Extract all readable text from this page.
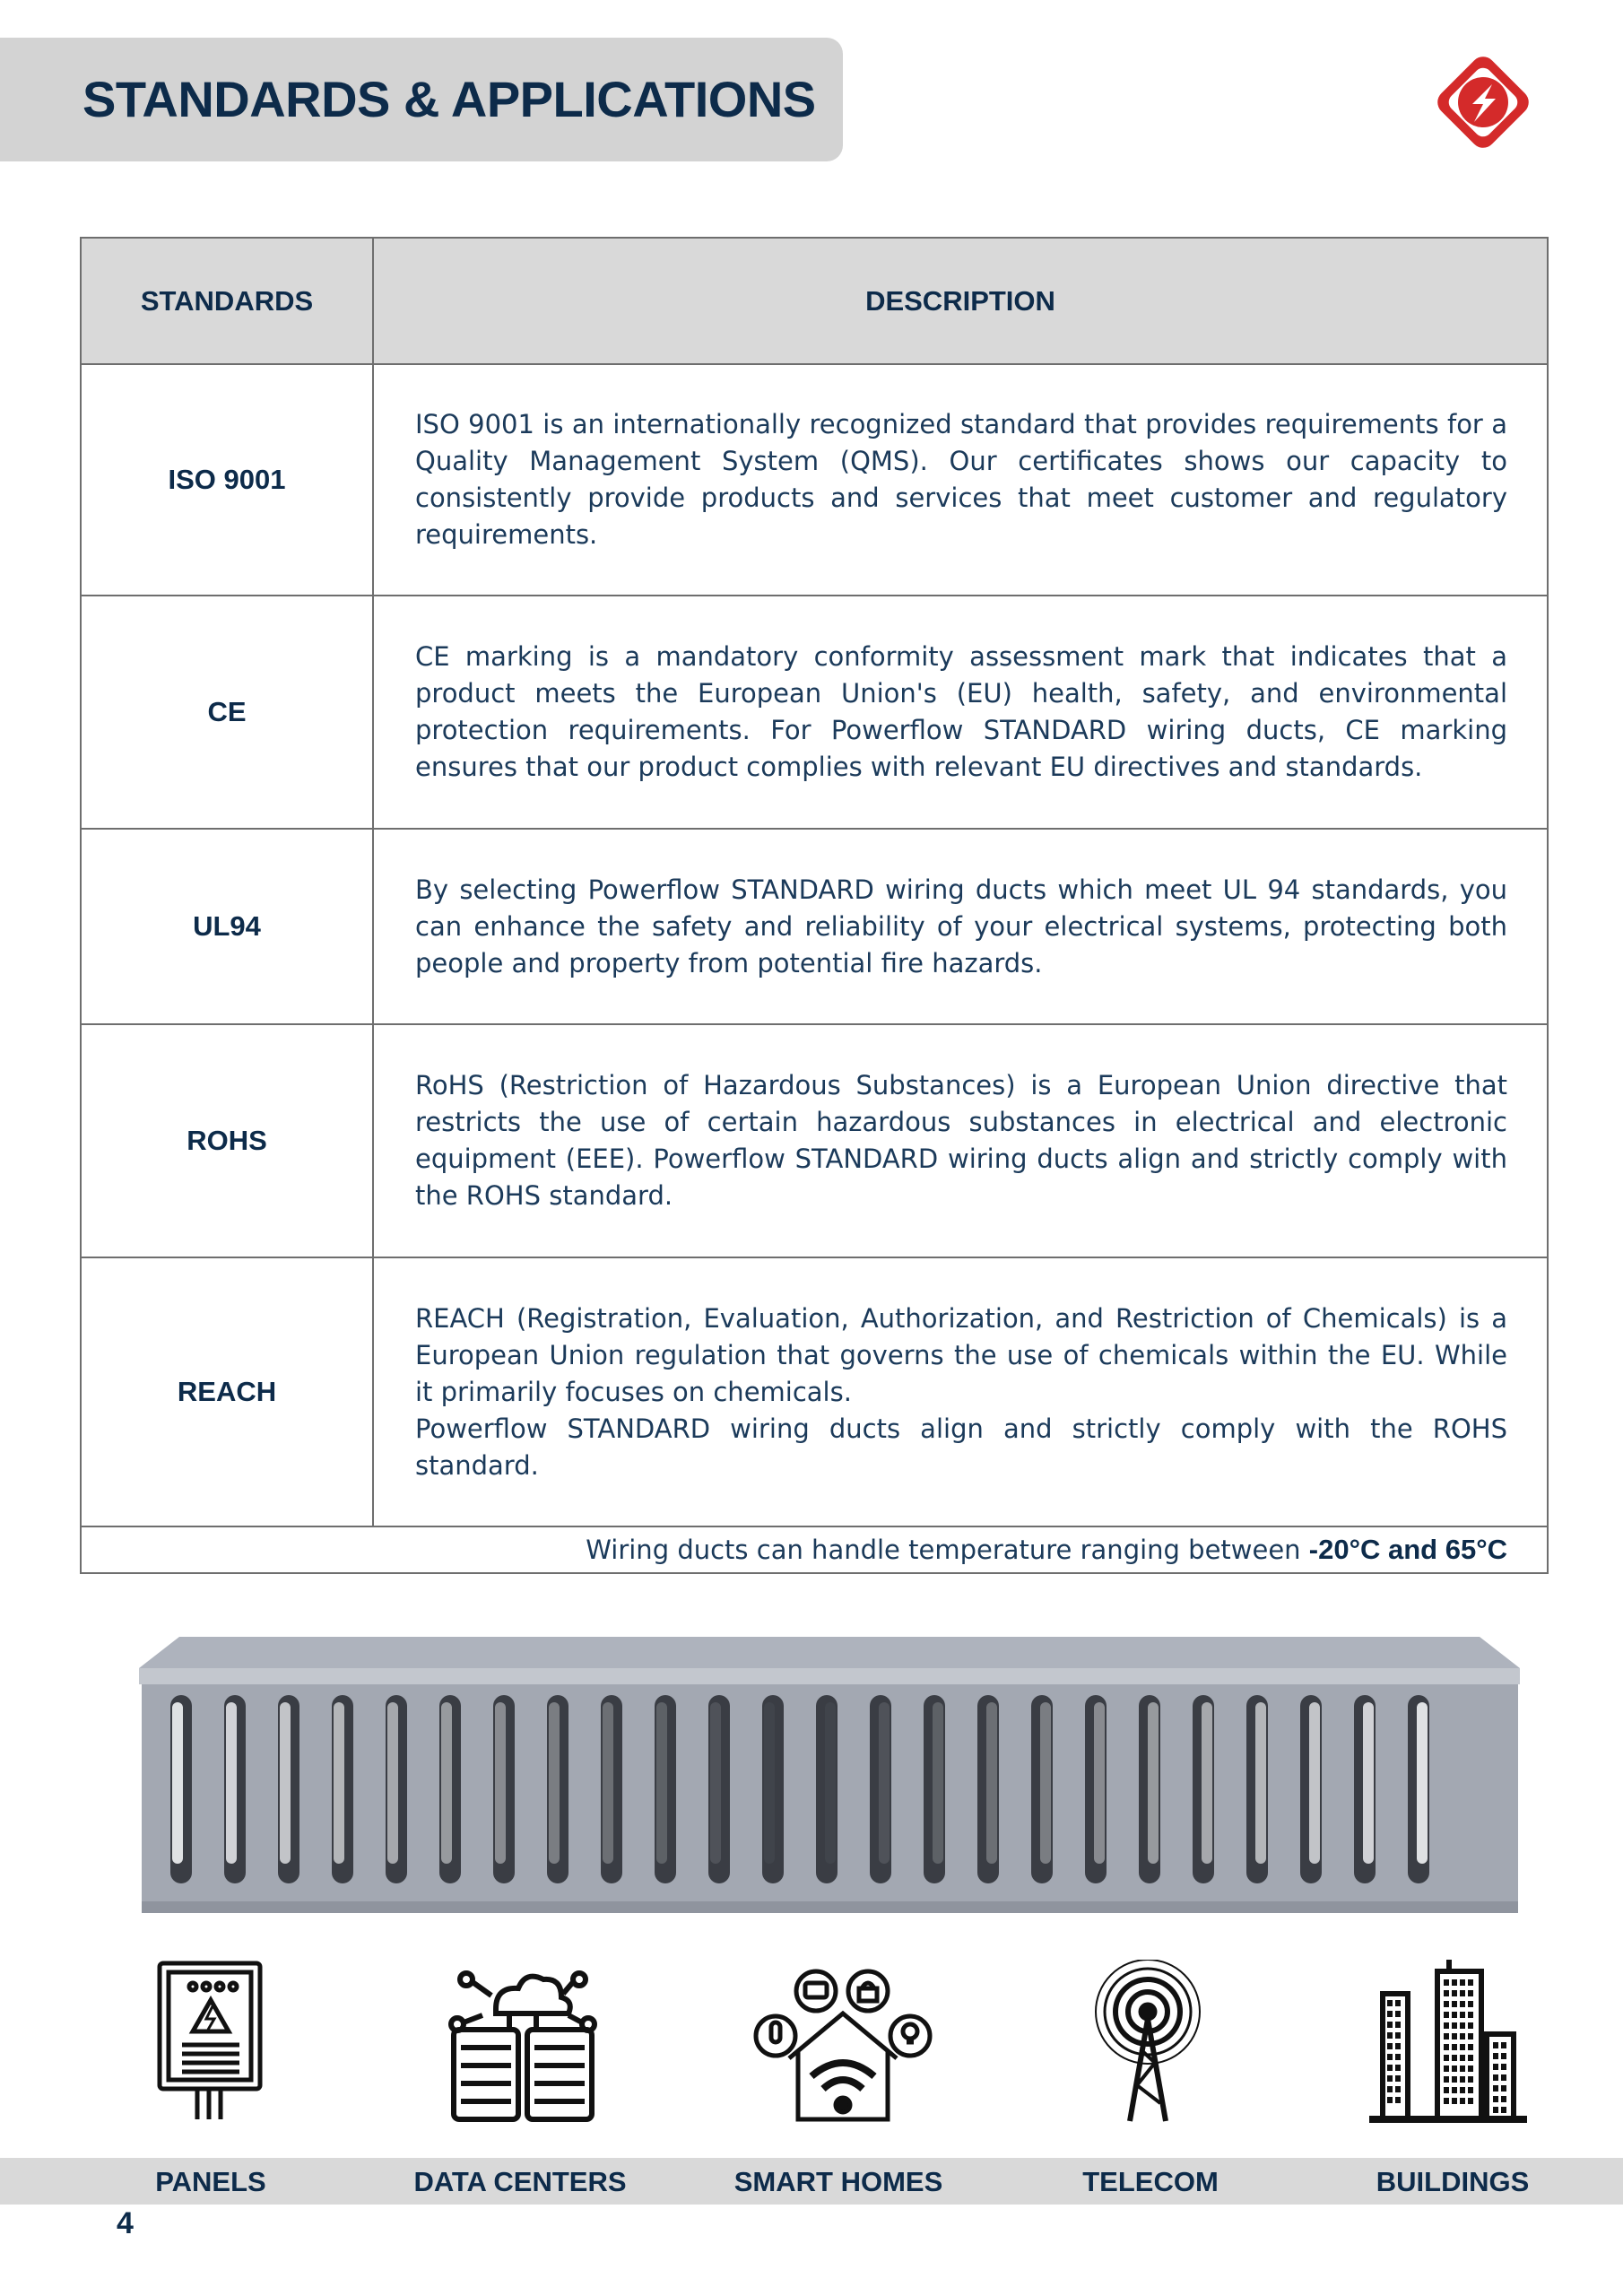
STANDARDS & APPLICATIONS
STANDARDS	DESCRIPTION
ISO 9001	ISO 9001 is an internationally recognized standard that provides requirements for a Quality Management System (QMS). Our certificates shows our capacity to consistently provide products and services that meet customer and regulatory requirements.
CE	CE marking is a mandatory conformity assessment mark that indicates that a product meets the European Union's (EU) health, safety, and environmental protection requirements. For Powerflow STANDARD wiring ducts, CE marking ensures that our product complies with relevant EU directives and standards.
UL94	By selecting Powerflow STANDARD wiring ducts which meet UL 94 standards, you can enhance the safety and reliability of your electrical systems, protecting both people and property from potential fire hazards.
ROHS	RoHS (Restriction of Hazardous Substances) is a European Union directive that restricts the use of certain hazardous substances in electrical and electronic equipment (EEE). Powerflow STANDARD wiring ducts align and strictly comply with the ROHS standard.
REACH	REACH (Registration, Evaluation, Authorization, and Restriction of Chemicals) is a European Union regulation that governs the use of chemicals within the EU. While it primarily focuses on chemicals.
Powerflow STANDARD wiring ducts align and strictly comply with the ROHS standard.
Wiring ducts can handle temperature ranging between -20°C and 65°C	
PANELS	DATA CENTERS	SMART HOMES	TELECOM	BUILDINGS
4
